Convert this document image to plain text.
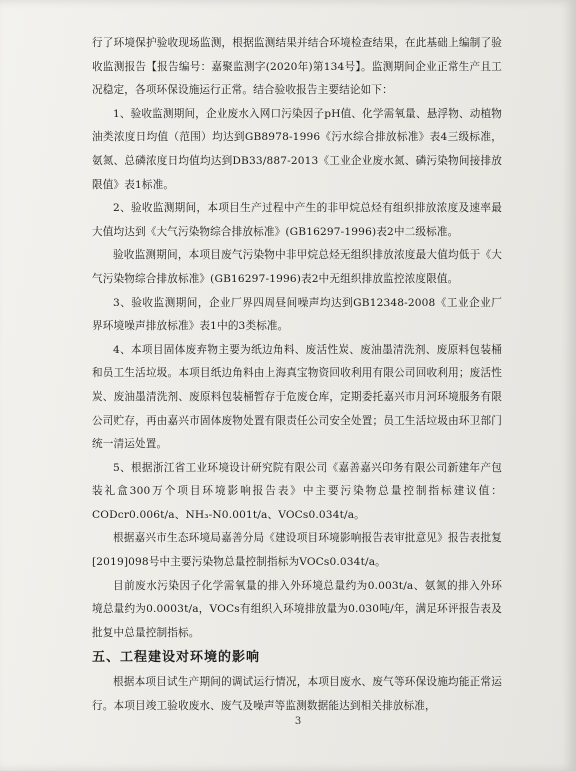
行了环境保护验收现场监测，根据监测结果并结合环境检查结果，在此基础上编制了验收监测报告【报告编号：嘉聚监测字(2020年)第134号】。监测期间企业正常生产且工况稳定，各项环保设施运行正常。结合验收报告主要结论如下：

1、验收监测期间，企业废水入网口污染因子pH值、化学需氧量、悬浮物、动植物油类浓度日均值（范围）均达到GB8978-1996《污水综合排放标准》表4三级标准，氨氮、总磷浓度日均值均达到DB33/887-2013《工业企业废水氮、磷污染物间接排放限值》表1标准。

2、验收监测期间，本项目生产过程中产生的非甲烷总烃有组织排放浓度及速率最大值均达到《大气污染物综合排放标准》(GB16297-1996)表2中二级标准。

验收监测期间，本项目废气污染物中非甲烷总烃无组织排放浓度最大值均低于《大气污染物综合排放标准》(GB16297-1996)表2中无组织排放监控浓度限值。

3、验收监测期间，企业厂界四周昼间噪声均达到GB12348-2008《工业企业厂界环境噪声排放标准》表1中的3类标准。

4、本项目固体废弃物主要为纸边角料、废活性炭、废油墨清洗剂、废原料包装桶和员工生活垃圾。本项目纸边角料由上海真宝物资回收利用有限公司回收利用；废活性炭、废油墨清洗剂、废原料包装桶暂存于危废仓库，定期委托嘉兴市月河环境服务有限公司贮存，再由嘉兴市固体废物处置有限责任公司安全处置；员工生活垃圾由环卫部门统一清运处置。

5、根据浙江省工业环境设计研究院有限公司《嘉善嘉兴印务有限公司新建年产包装礼盒300万个项目环境影响报告表》中主要污染物总量控制指标建议值：CODcr0.006t/a、NH₃-N0.001t/a、VOCs0.034t/a。

根据嘉兴市生态环境局嘉善分局《建设项目环境影响报告表审批意见》报告表批复[2019]098号中主要污染物总量控制指标为VOCs0.034t/a。

目前废水污染因子化学需氧量的排入外环境总量约为0.003t/a、氨氮的排入外环境总量约为0.0003t/a，VOCs有组织入环境排放量为0.030吨/年，满足环评报告表及批复中总量控制指标。

五、工程建设对环境的影响

根据本项目试生产期间的调试运行情况，本项目废水、废气等环保设施均能正常运行。本项目竣工验收废水、废气及噪声等监测数据能达到相关排放标准，

3
